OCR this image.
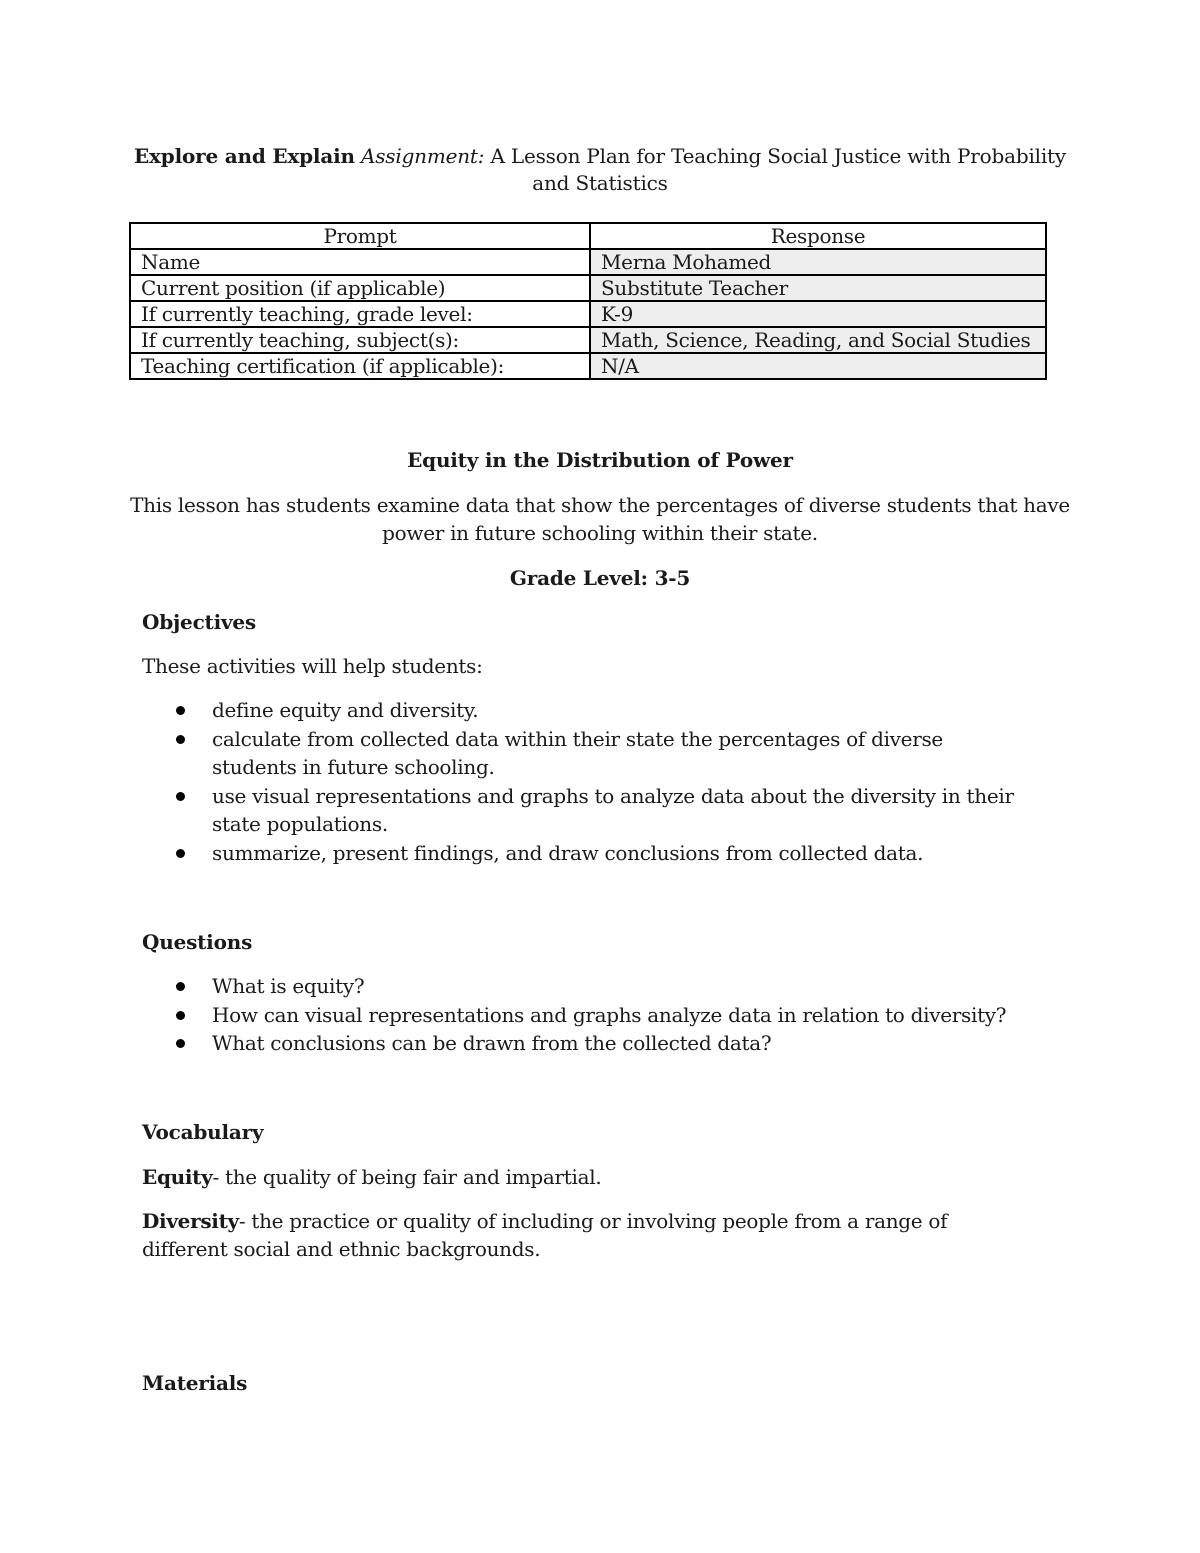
Explore and Explain Assignment: A Lesson Plan for Teaching Social Justice with Probability and Statistics
Prompt	Response
Name	Merna Mohamed
Current position (if applicable)	Substitute Teacher
If currently teaching, grade level:	K-9
If currently teaching, subject(s):	Math, Science, Reading, and Social Studies
Teaching certification (if applicable):	N/A
Equity in the Distribution of Power
This lesson has students examine data that show the percentages of diverse students that have power in future schooling within their state.
Grade Level: 3-5
Objectives
These activities will help students:
define equity and diversity.
calculate from collected data within their state the percentages of diverse students in future schooling.
use visual representations and graphs to analyze data about the diversity in their state populations.
summarize, present findings, and draw conclusions from collected data.
Questions
What is equity?
How can visual representations and graphs analyze data in relation to diversity?
What conclusions can be drawn from the collected data?
Vocabulary
Equity- the quality of being fair and impartial.
Diversity- the practice or quality of including or involving people from a range of different social and ethnic backgrounds.
Materials
